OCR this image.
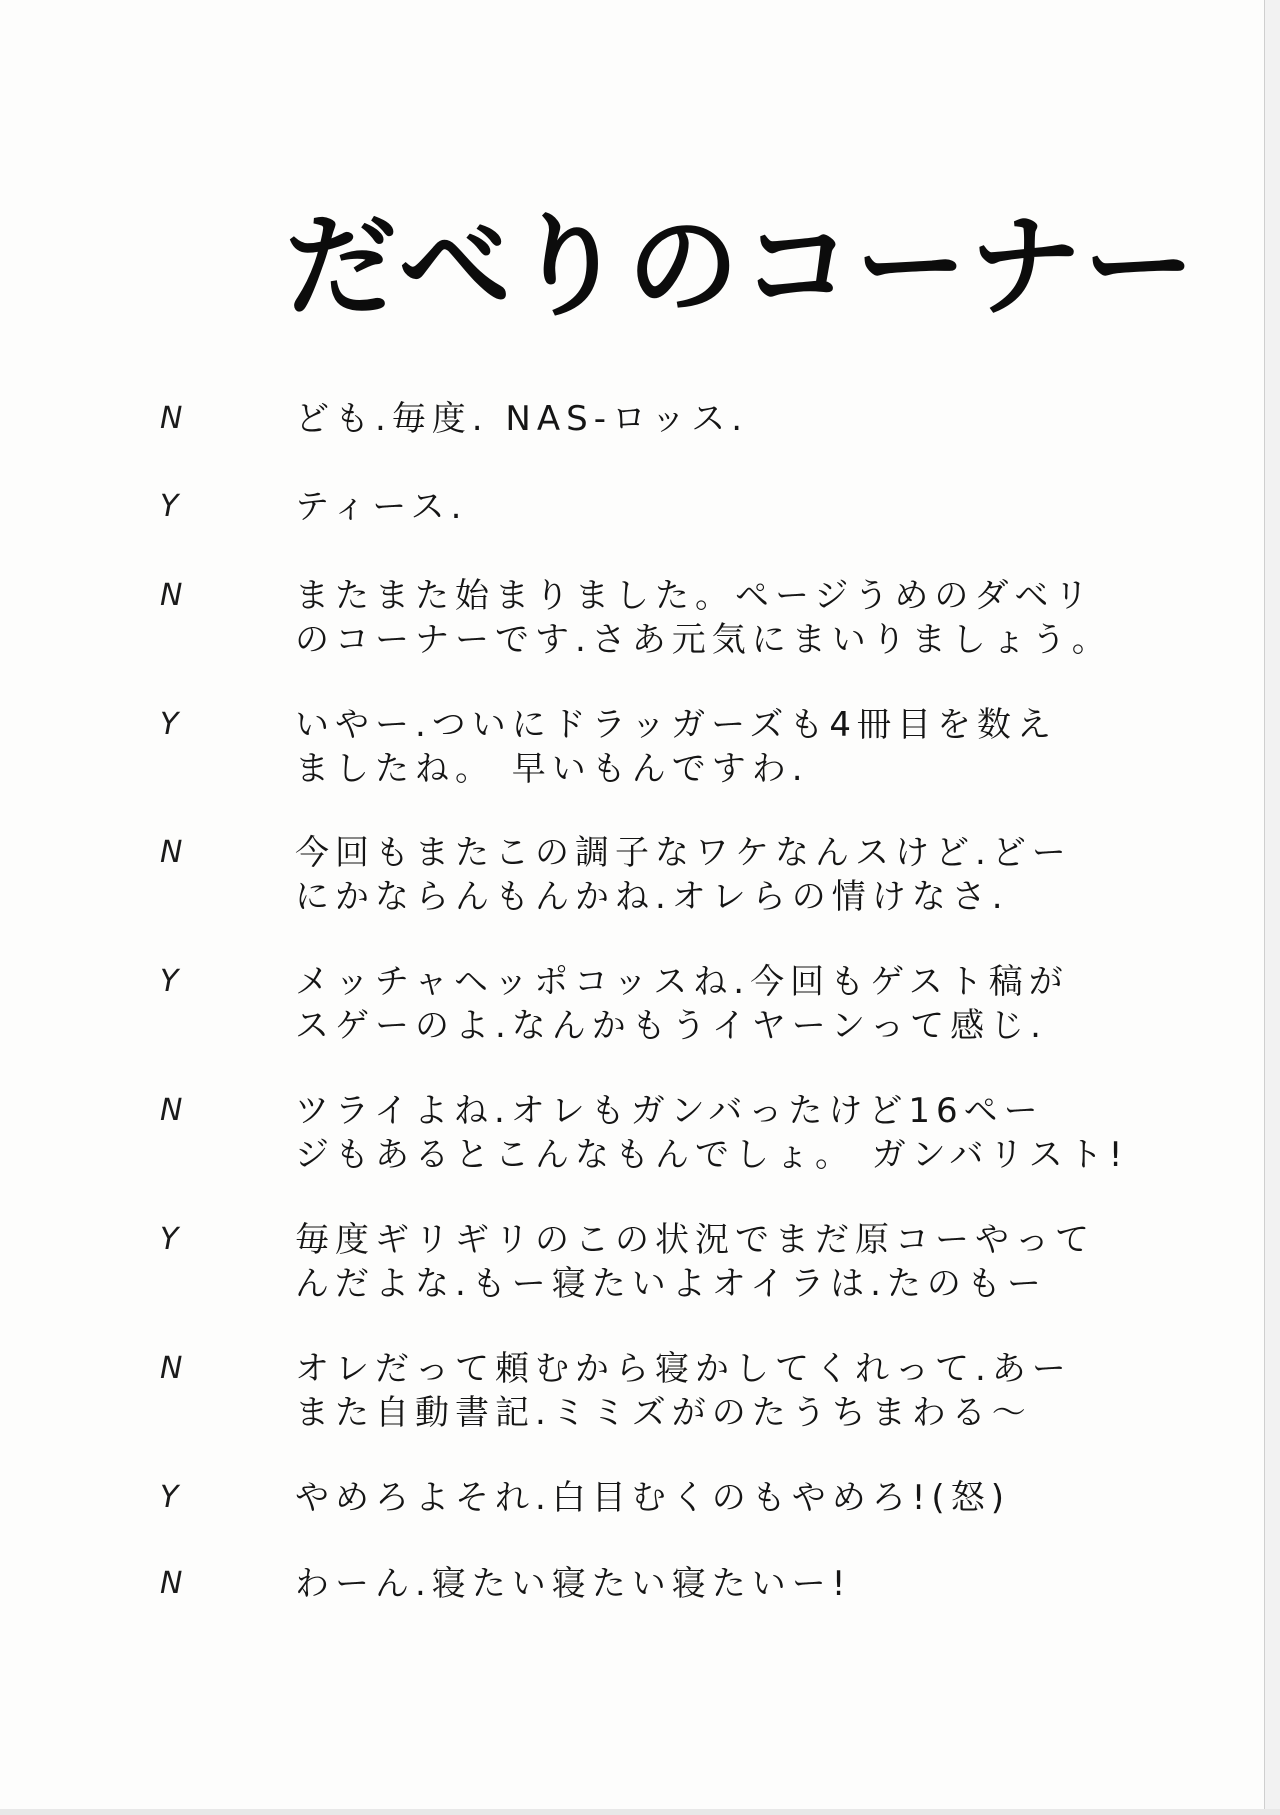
だべりのコーナー
N	ども.毎度. NAS-ロッス.
Y	ティース.
N	またまた始まりました。ページうめのダベリ
のコーナーです.さあ元気にまいりましょう。
Y	いやー.ついにドラッガーズも4冊目を数え
ましたね。 早いもんですわ.
N	今回もまたこの調子なワケなんスけど.どー
にかならんもんかね.オレらの情けなさ.
Y	メッチャヘッポコッスね.今回もゲスト稿が
スゲーのよ.なんかもうイヤーンって感じ.
N	ツライよね.オレもガンバったけど16ペー
ジもあるとこんなもんでしょ。 ガンバリスト!
Y	毎度ギリギリのこの状況でまだ原コーやって
んだよな.もー寝たいよオイラは.たのもー
N	オレだって頼むから寝かしてくれって.あー
また自動書記.ミミズがのたうちまわる〜
Y	やめろよそれ.白目むくのもやめろ!(怒)
N	わーん.寝たい寝たい寝たいー!
